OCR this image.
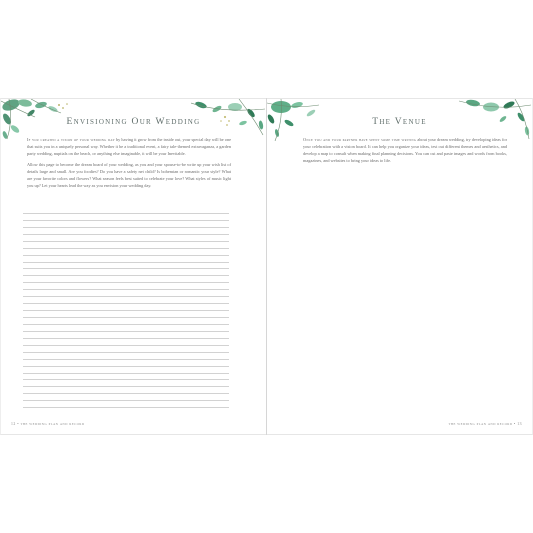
Envisioning Our Wedding

If you created a vision of your wedding day by having it grow from the inside out, your special day will be one that suits you in a uniquely personal way. Whether it be a traditional event, a fairy tale-themed extravaganza, a garden party wedding, nuptials on the beach, or anything else imaginable, it will be your Inevitable.

Allow this page to become the dream board of your wedding, as you and your spouse-to-be write up your wish list of details large and small. Are you foodies? Do you have a safety net child? Is bohemian or romantic your style? What are your favorite colors and flowers? What season feels best suited to celebrate your love? What styles of music light you up? Let your hearts lead the way as you envision your wedding day.

12 • the wedding plan and record
The Venue

Once you and your partner have spent some time writing about your dream wedding, try developing ideas for your celebration with a vision board. It can help you organize your ideas, test out different themes and aesthetics, and develop a map to consult when making final planning decisions. You can cut and paste images and words from books, magazines, and websites to bring your ideas to life.

the wedding plan and record • 13
